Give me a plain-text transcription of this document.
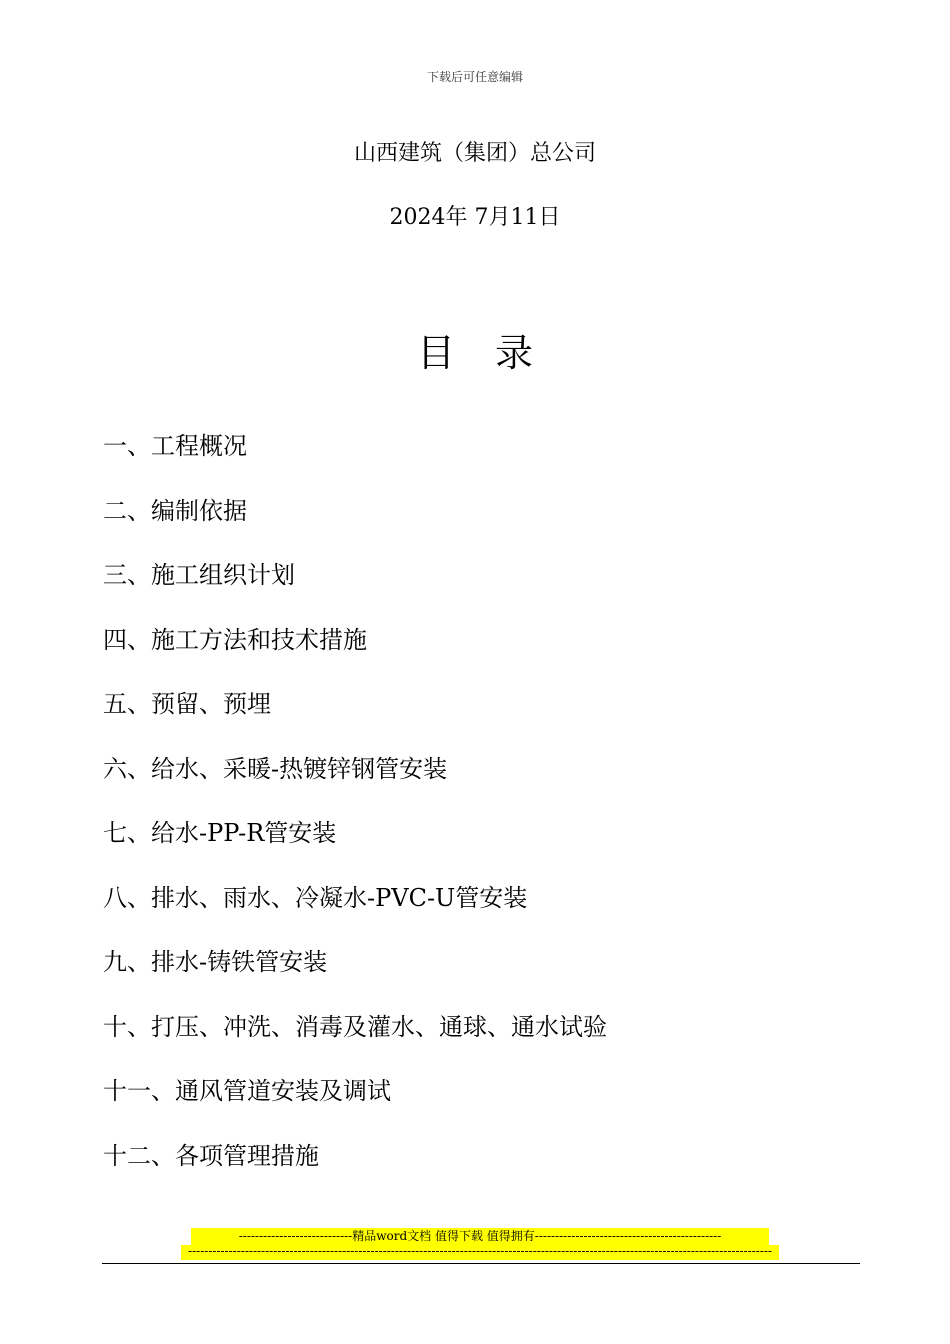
下载后可任意编辑
山西建筑（集团）总公司
2024年 7月11日
目录
一、工程概况
二、编制依据
三、施工组织计划
四、施工方法和技术措施
五、预留、预埋
六、给水、采暖-热镀锌钢管安装
七、给水-PP-R管安装
八、排水、雨水、冷凝水-PVC-U管安装
九、排水-铸铁管安装
十、打压、冲洗、消毒及灌水、通球、通水试验
十一、通风管道安装及调试
十二、各项管理措施
----------------------------精品word文档 值得下载 值得拥有----------------------------------------------
------------------------------------------------------------------------------------------------------------------------------------------------
